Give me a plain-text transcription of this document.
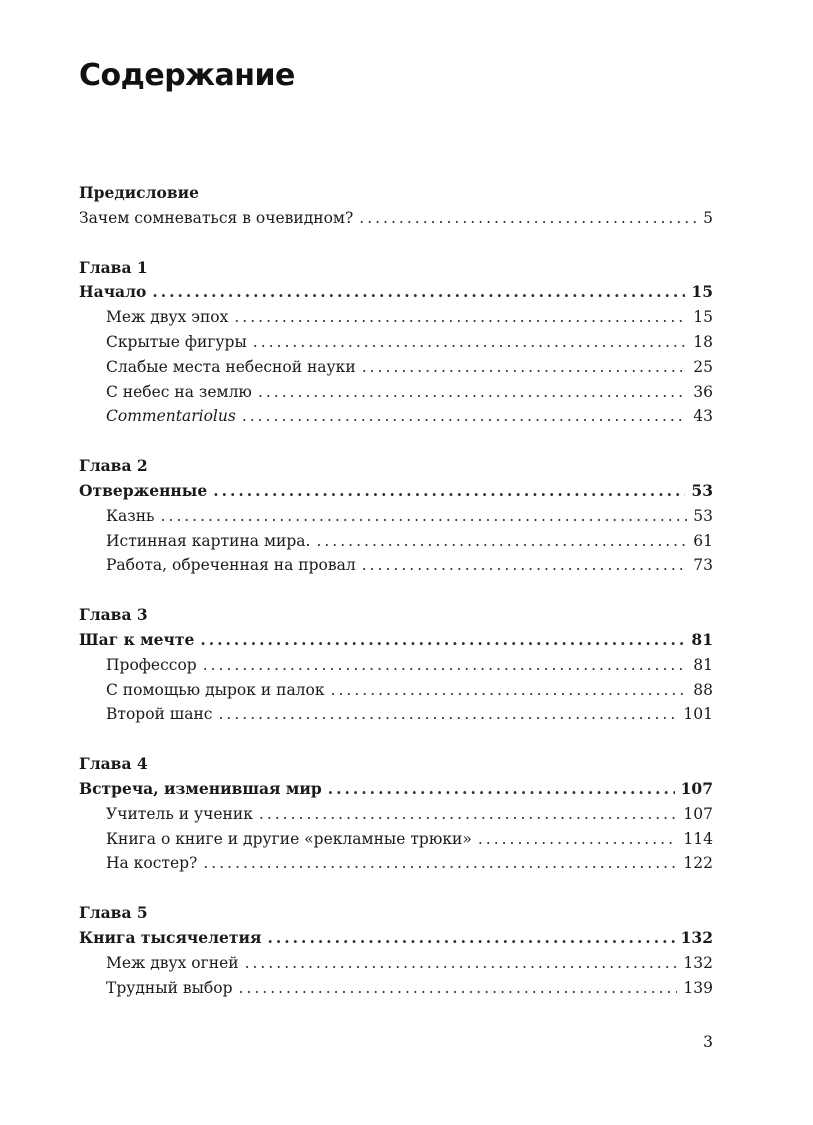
Содержание
Предисловие
Зачем сомневаться в очевидном? .....	5
Глава 1
Начало .....	15
Меж двух эпох .....	15
Скрытые фигуры .....	18
Слабые места небесной науки .....	25
С небес на землю .....	36
Commentariolus .....	43
Глава 2
Отверженные .....	53
Казнь .....	53
Истинная картина мира. .....	61
Работа, обреченная на провал .....	73
Глава 3
Шаг к мечте .....	81
Профессор .....	81
С помощью дырок и палок .....	88
Второй шанс .....	101
Глава 4
Встреча, изменившая мир .....	107
Учитель и ученик .....	107
Книга о книге и другие «рекламные трюки» .....	114
На костер? .....	122
Глава 5
Книга тысячелетия .....	132
Меж двух огней .....	132
Трудный выбор .....	139
3
